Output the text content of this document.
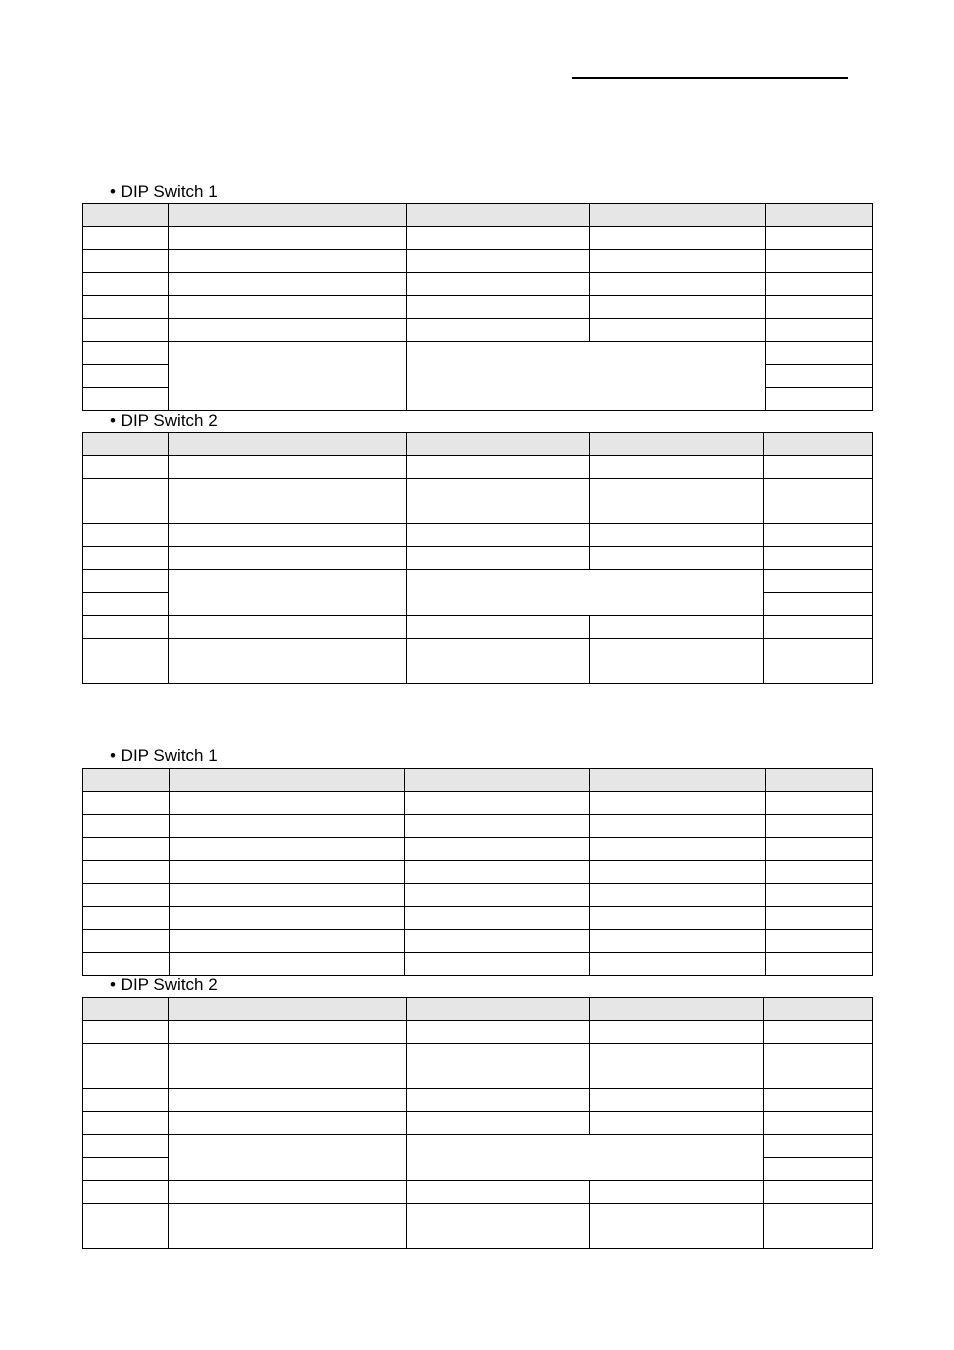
• DIP Switch 1

• DIP Switch 2

• DIP Switch 1

• DIP Switch 2
